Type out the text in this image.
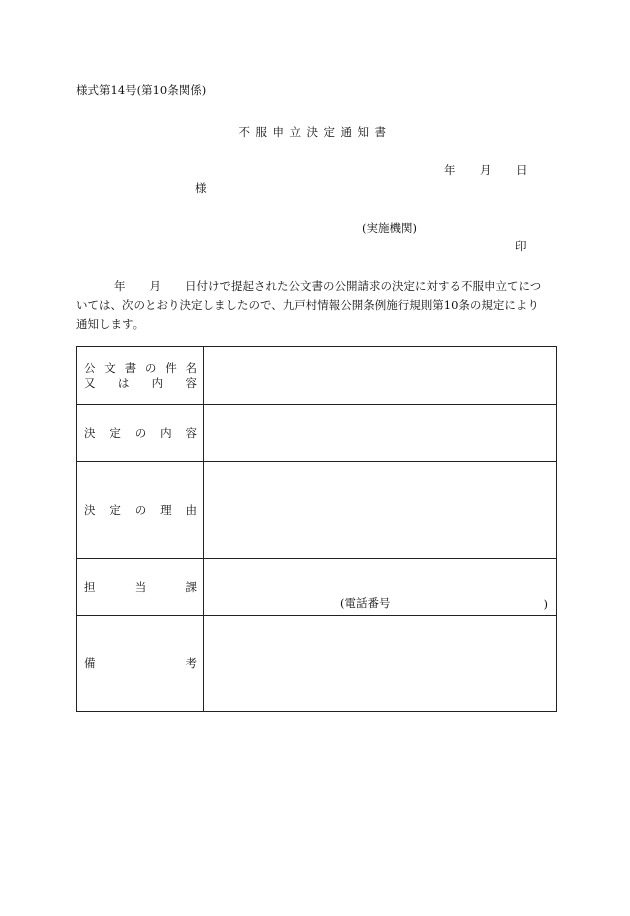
様式第14号(第10条関係)
不服申立決定通知書
年 月 日
様
(実施機関)
印

年 月 日付けで提起された公文書の公開請求の決定に対する不服申立てにつ

いては、次のとおり決定しましたので、九戸村情報公開条例施行規則第10条の規定により

通知します。

公文書の件名
又は内容
決定の内容
決定の理由
担当課
(電話番号	)
備考
